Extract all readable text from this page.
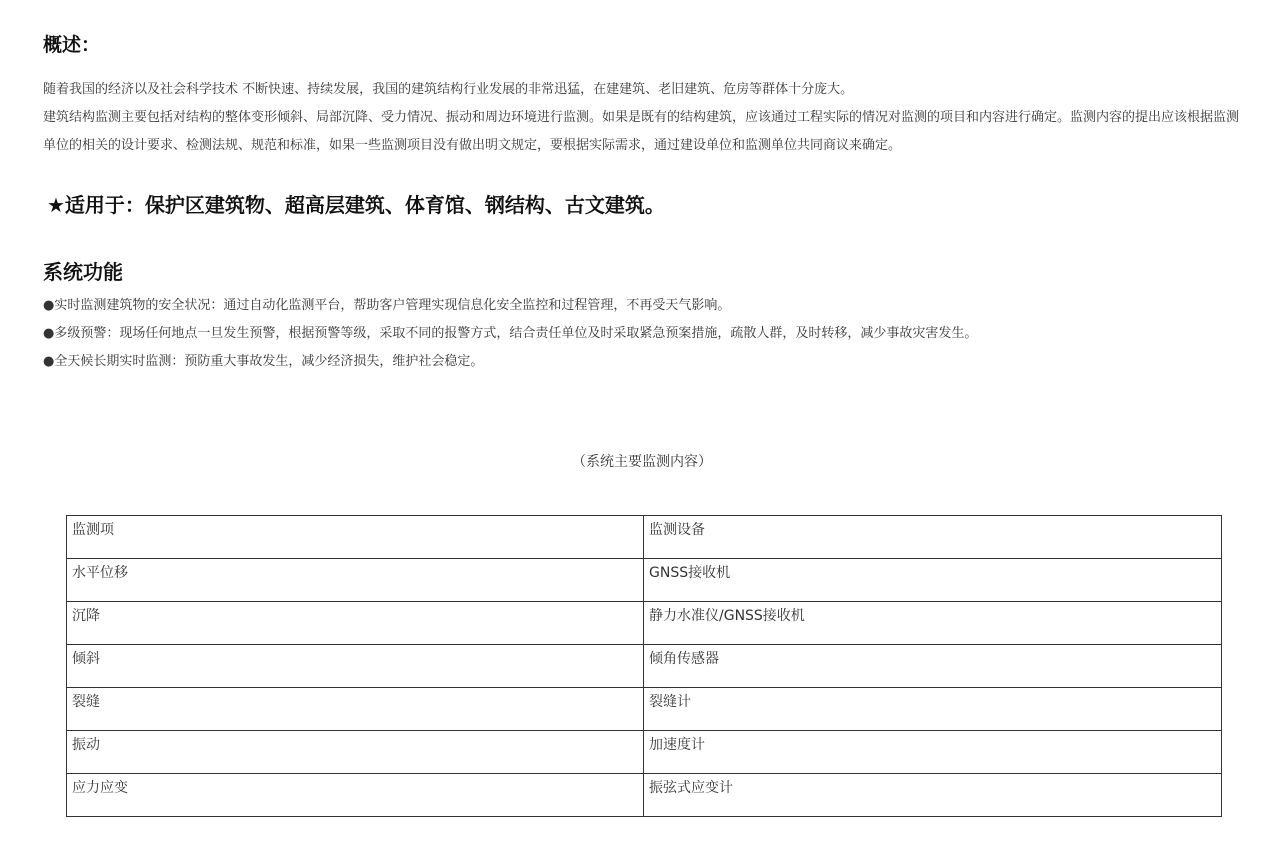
概述：
随着我国的经济以及社会科学技术 不断快速、持续发展，我国的建筑结构行业发展的非常迅猛，在建建筑、老旧建筑、危房等群体十分庞大。
建筑结构监测主要包括对结构的整体变形倾斜、局部沉降、受力情况、振动和周边环境进行监测。如果是既有的结构建筑，应该通过工程实际的情况对监测的项目和内容进行确定。监测内容的提出应该根据监测单位的相关的设计要求、检测法规、规范和标准，如果一些监测项目没有做出明文规定，要根据实际需求，通过建设单位和监测单位共同商议来确定。
★适用于：保护区建筑物、超高层建筑、体育馆、钢结构、古文建筑。
系统功能

●实时监测建筑物的安全状况：通过自动化监测平台，帮助客户管理实现信息化安全监控和过程管理，不再受天气影响。

●多级预警：现场任何地点一旦发生预警，根据预警等级，采取不同的报警方式，结合责任单位及时采取紧急预案措施，疏散人群，及时转移，减少事故灾害发生。

●全天候长期实时监测：预防重大事故发生，减少经济损失，维护社会稳定。

（系统主要监测内容）

监测项	监测设备
水平位移	GNSS接收机
沉降	静力水准仪/GNSS接收机
倾斜	倾角传感器
裂缝	裂缝计
振动	加速度计
应力应变	振弦式应变计
